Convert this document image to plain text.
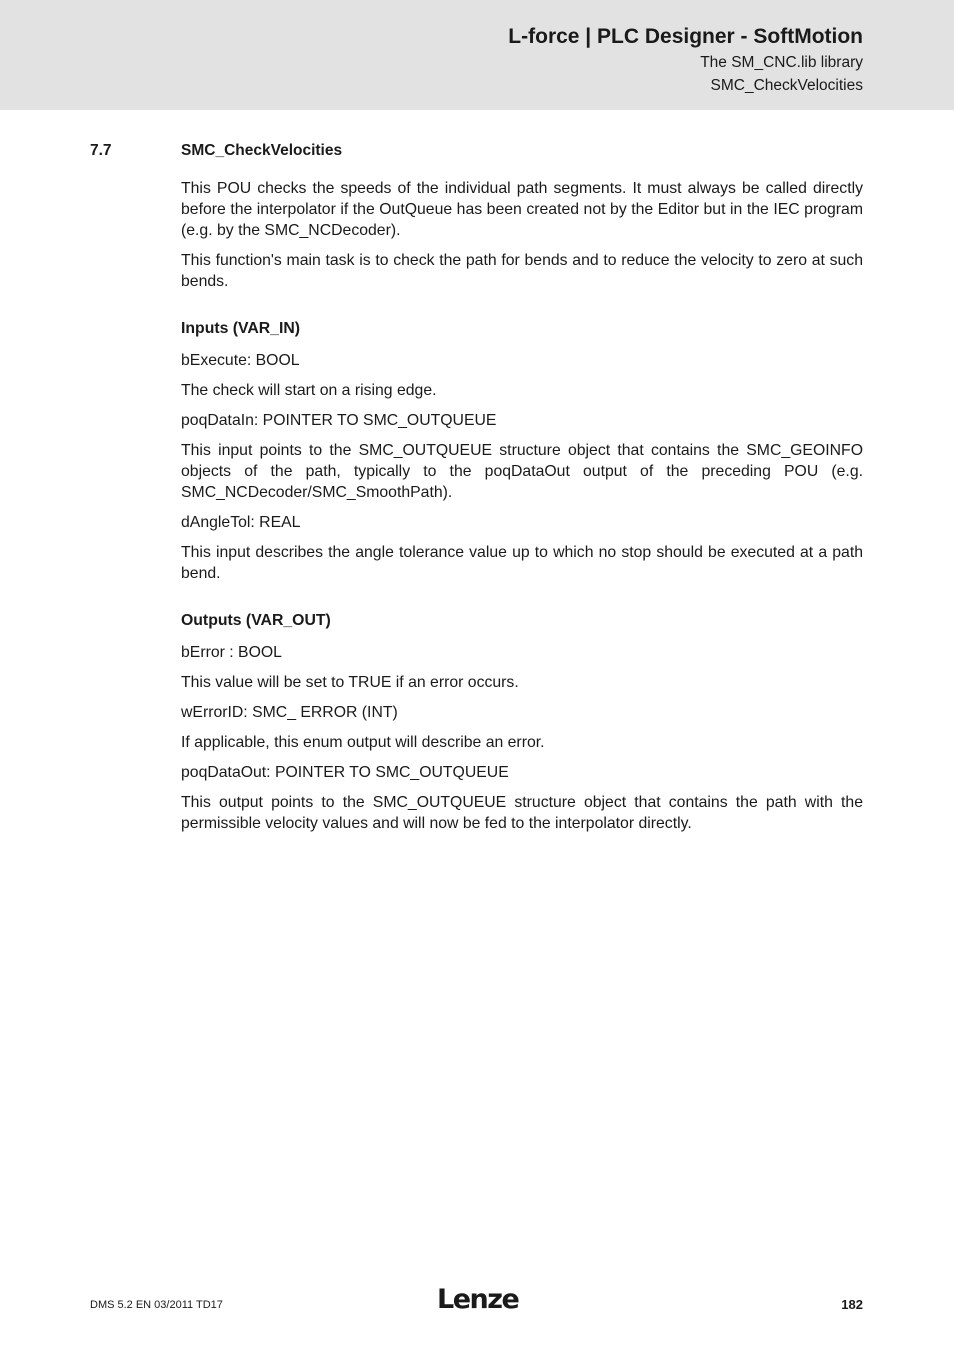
L-force | PLC Designer - SoftMotion
The SM_CNC.lib library
SMC_CheckVelocities
7.7	SMC_CheckVelocities

This POU checks the speeds of the individual path segments. It must always be called directly before the interpolator if the OutQueue has been created not by the Editor but in the IEC program (e.g. by the SMC_NCDecoder).

This function's main task is to check the path for bends and to reduce the velocity to zero at such bends.

Inputs (VAR_IN)

bExecute: BOOL

The check will start on a rising edge.

poqDataIn: POINTER TO SMC_OUTQUEUE

This input points to the SMC_OUTQUEUE structure object that contains the SMC_GEOINFO objects of the path, typically to the poqDataOut output of the preceding POU (e.g. SMC_NCDecoder/SMC_SmoothPath).

dAngleTol: REAL

This input describes the angle tolerance value up to which no stop should be executed at a path bend.

Outputs (VAR_OUT)

bError : BOOL

This value will be set to TRUE if an error occurs.

wErrorID: SMC_ ERROR (INT)

If applicable, this enum output will describe an error.

poqDataOut: POINTER TO SMC_OUTQUEUE

This output points to the SMC_OUTQUEUE structure object that contains the path with the permissible velocity values and will now be fed to the interpolator directly.

DMS 5.2 EN 03/2011 TD17	Lenze	182
